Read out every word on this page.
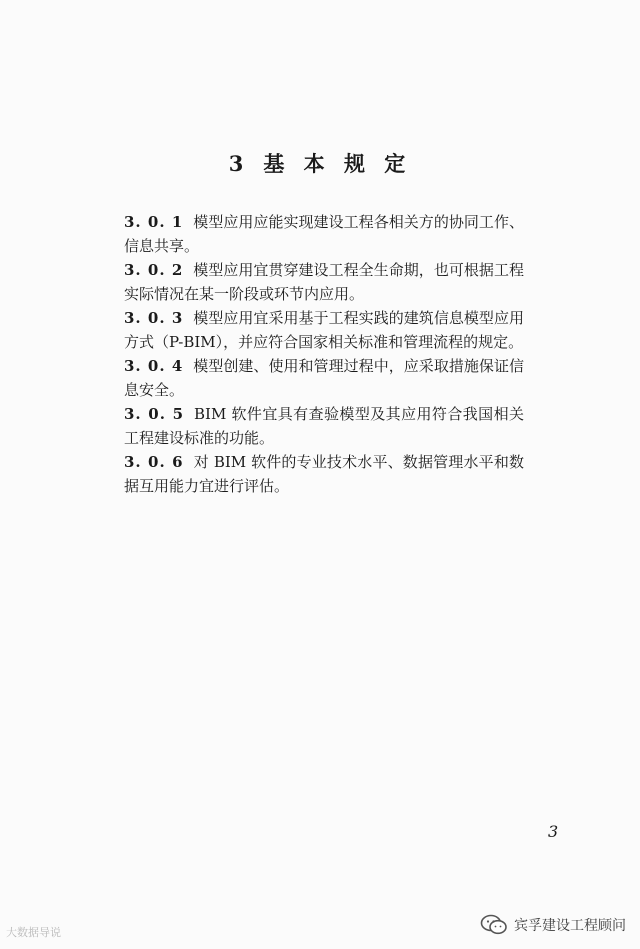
3 基 本 规 定

3. 0. 1 模型应用应能实现建设工程各相关方的协同工作、信息共享。

3. 0. 2 模型应用宜贯穿建设工程全生命期，也可根据工程实际情况在某一阶段或环节内应用。

3. 0. 3 模型应用宜采用基于工程实践的建筑信息模型应用方式（P-BIM），并应符合国家相关标准和管理流程的规定。

3. 0. 4 模型创建、使用和管理过程中，应采取措施保证信息安全。

3. 0. 5 BIM 软件宜具有查验模型及其应用符合我国相关工程建设标准的功能。

3. 0. 6 对 BIM 软件的专业技术水平、数据管理水平和数据互用能力宜进行评估。

3
大数据导说	宾孚建设工程顾问
